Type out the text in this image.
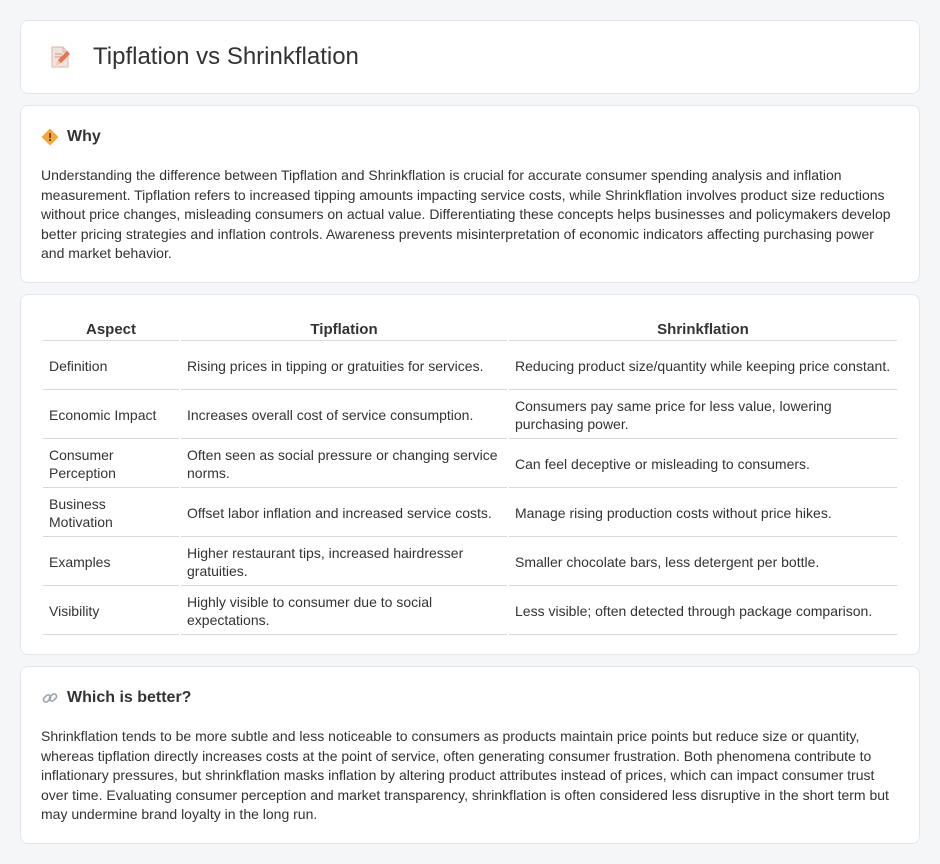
Tipflation vs Shrinkflation
Why

Understanding the difference between Tipflation and Shrinkflation is crucial for accurate consumer spending analysis and inflation measurement. Tipflation refers to increased tipping amounts impacting service costs, while Shrinkflation involves product size reductions without price changes, misleading consumers on actual value. Differentiating these concepts helps businesses and policymakers develop better pricing strategies and inflation controls. Awareness prevents misinterpretation of economic indicators affecting purchasing power and market behavior.

Aspect	Tipflation	Shrinkflation
Definition	Rising prices in tipping or gratuities for services.	Reducing product size/quantity while keeping price constant.
Economic Impact	Increases overall cost of service consumption.	Consumers pay same price for less value, lowering purchasing power.
Consumer Perception	Often seen as social pressure or changing service norms.	Can feel deceptive or misleading to consumers.
Business Motivation	Offset labor inflation and increased service costs.	Manage rising production costs without price hikes.
Examples	Higher restaurant tips, increased hairdresser gratuities.	Smaller chocolate bars, less detergent per bottle.
Visibility	Highly visible to consumer due to social expectations.	Less visible; often detected through package comparison.
Which is better?

Shrinkflation tends to be more subtle and less noticeable to consumers as products maintain price points but reduce size or quantity, whereas tipflation directly increases costs at the point of service, often generating consumer frustration. Both phenomena contribute to inflationary pressures, but shrinkflation masks inflation by altering product attributes instead of prices, which can impact consumer trust over time. Evaluating consumer perception and market transparency, shrinkflation is often considered less disruptive in the short term but may undermine brand loyalty in the long run.
